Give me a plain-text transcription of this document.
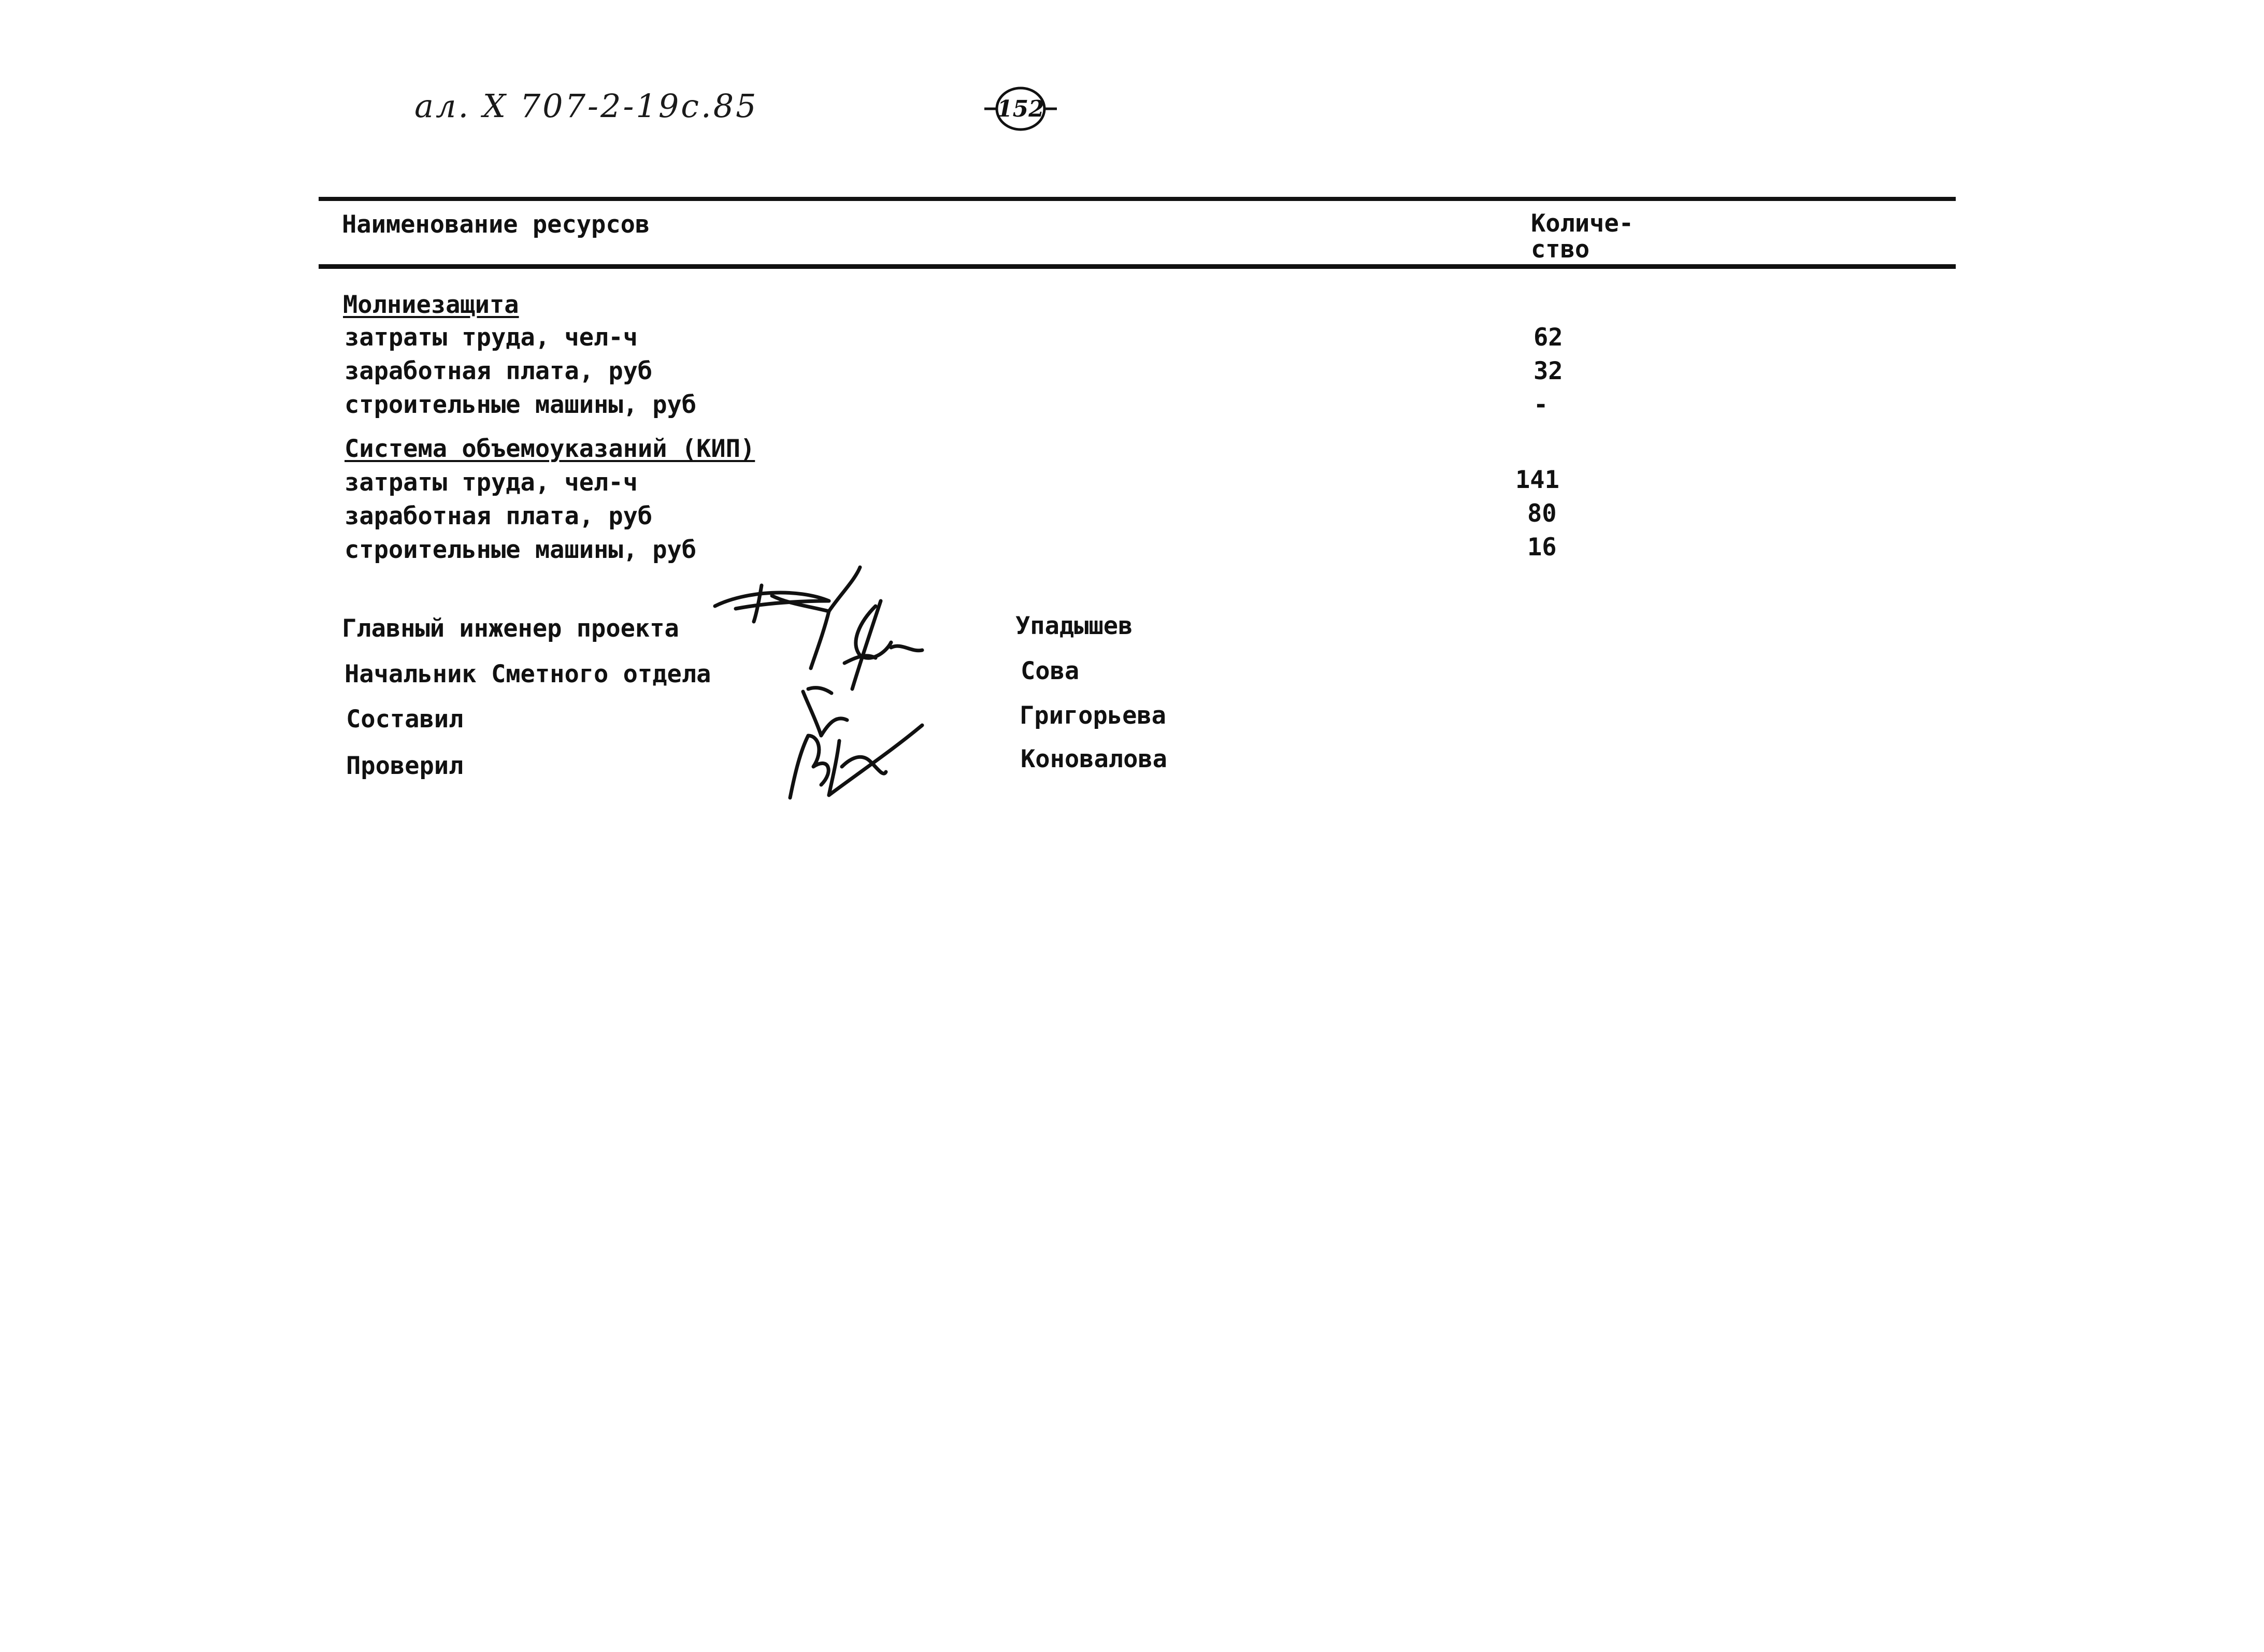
ал. X 707-2-19с.85	152
Наименование ресурсов	Количе-
ство
Молниезащита
затраты труда, чел-ч	62
заработная плата, руб	32
строительные машины, руб	-
Система объемоуказаний (КИП)
затраты труда, чел-ч	141
заработная плата, руб	80
строительные машины, руб	16
Главный инженер проекта	Упадышев
Начальник Сметного отдела	Сова
Составил	Григорьева
Проверил	Коновалова
